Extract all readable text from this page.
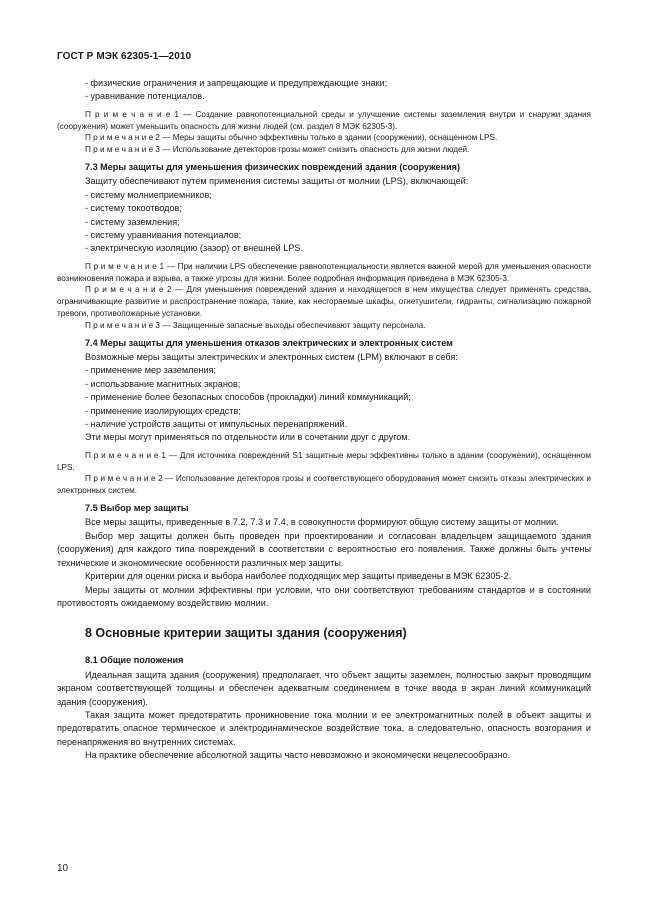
ГОСТ Р МЭК 62305-1—2010

- физические ограничения и запрещающие и предупреждающие знаки;

- уравнивание потенциалов.

П р и м е ч а н и е 1 — Создание равнопотенциальной среды и улучшение системы заземления внутри и снаружи здания (сооружения) может уменьшить опасность для жизни людей (см. раздел 8 МЭК 62305-3).

П р и м е ч а н и е 2 — Меры защиты обычно эффективны только в здании (сооружении), оснащенном LPS.

П р и м е ч а н и е 3 — Использование детекторов грозы может снизить опасность для жизни людей.

7.3 Меры защиты для уменьшения физических повреждений здания (сооружения)

Защиту обеспечивают путем применения системы защиты от молнии (LPS), включающей:

- систему молниеприемников;

- систему токоотводов;

- систему заземления;

- систему уравнивания потенциалов;

- электрическую изоляцию (зазор) от внешней LPS.

П р и м е ч а н и е 1 — При наличии LPS обеспечение равнопотенциальности является важной мерой для уменьшения опасности возникновения пожара и взрыва, а также угрозы для жизни. Более подробная информация приведена в МЭК 62305-3.

П р и м е ч а н и е 2 — Для уменьшения повреждений здания и находящегося в нем имущества следует применять средства, ограничивающие развитие и распространение пожара, такие, как несгораемые шкафы, огнетушители, гидранты, сигнализацию пожарной тревоги, противопожарные установки.

П р и м е ч а н и е 3 — Защищенные запасные выходы обеспечивают защиту персонала.

7.4 Меры защиты для уменьшения отказов электрических и электронных систем

Возможные меры защиты электрических и электронных систем (LPM) включают в себя:

- применение мер заземления;

- использование магнитных экранов;

- применение более безопасных способов (прокладки) линий коммуникаций;

- применение изолирующих средств;

- наличие устройств защиты от импульсных перенапряжений.

Эти меры могут применяться по отдельности или в сочетании друг с другом.

П р и м е ч а н и е 1 — Для источника повреждений S1 защитные меры эффективны только в здании (сооружении), оснащенном LPS.

П р и м е ч а н и е 2 — Использование детекторов грозы и соответствующего оборудования может снизить отказы электрических и электронных систем.

7.5 Выбор мер защиты

Все меры защиты, приведенные в 7.2, 7.3 и 7.4, в совокупности формируют общую систему защиты от молнии.

Выбор мер защиты должен быть проведен при проектировании и согласован владельцем защищаемого здания (сооружения) для каждого типа повреждений в соответствии с вероятностью его появления. Также должны быть учтены технические и экономические особенности различных мер защиты.

Критерии для оценки риска и выбора наиболее подходящих мер защиты приведены в МЭК 62305-2.

Меры защиты от молнии эффективны при условии, что они соответствуют требованиям стандартов и в состоянии противостоять ожидаемому воздействию молнии.

8 Основные критерии защиты здания (сооружения)

8.1 Общие положения

Идеальная защита здания (сооружения) предполагает, что объект защиты заземлен, полностью закрыт проводящим экраном соответствующей толщины и обеспечен адекватным соединением в точке ввода в экран линий коммуникаций здания (сооружения).

Такая защита может предотвратить проникновение тока молнии и ее электромагнитных полей в объект защиты и предотвратить опасное термическое и электродинамическое воздействие тока, а следовательно, опасность возгорания и перенапряжения во внутренних системах.

На практике обеспечение абсолютной защиты часто невозможно и экономически нецелесообразно.

10
